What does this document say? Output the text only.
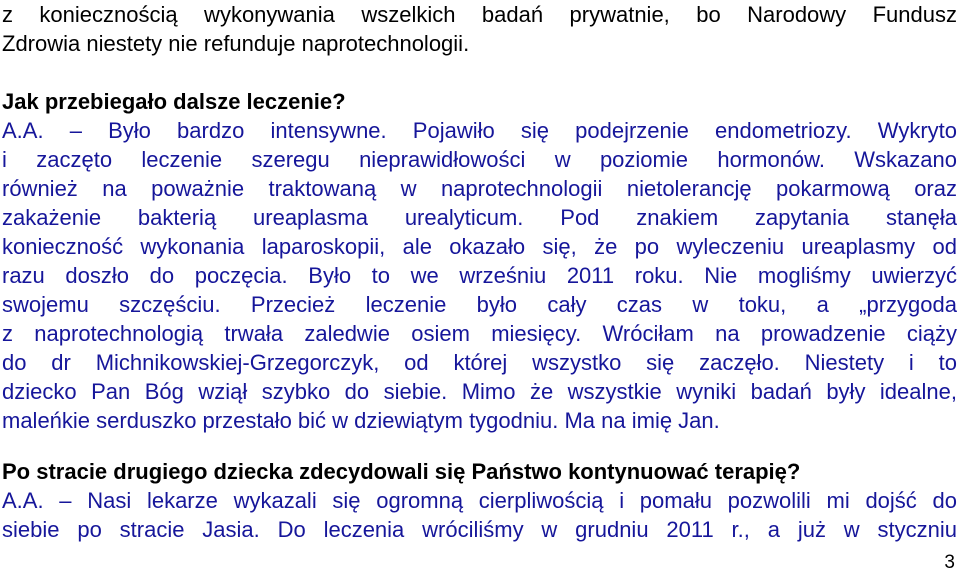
z koniecznością wykonywania wszelkich badań prywatnie, bo Narodowy Fundusz
Zdrowia niestety nie refunduje naprotechnologii.
Jak przebiegało dalsze leczenie?
A.A. – Było bardzo intensywne. Pojawiło się podejrzenie endometriozy. Wykryto
i zaczęto leczenie szeregu nieprawidłowości w poziomie hormonów. Wskazano
również na poważnie traktowaną w naprotechnologii nietolerancję pokarmową oraz
zakażenie bakterią ureaplasma urealyticum. Pod znakiem zapytania stanęła
konieczność wykonania laparoskopii, ale okazało się, że po wyleczeniu ureaplasmy od
razu doszło do poczęcia. Było to we wrześniu 2011 roku. Nie mogliśmy uwierzyć
swojemu szczęściu. Przecież leczenie było cały czas w toku, a „przygoda
z naprotechnologią trwała zaledwie osiem miesięcy. Wróciłam na prowadzenie ciąży
do dr Michnikowskiej-Grzegorczyk, od której wszystko się zaczęło. Niestety i to
dziecko Pan Bóg wziął szybko do siebie. Mimo że wszystkie wyniki badań były idealne,
maleńkie serduszko przestało bić w dziewiątym tygodniu. Ma na imię Jan.
Po stracie drugiego dziecka zdecydowali się Państwo kontynuować terapię?
A.A. – Nasi lekarze wykazali się ogromną cierpliwością i pomału pozwolili mi dojść do
siebie po stracie Jasia. Do leczenia wróciliśmy w grudniu 2011 r., a już w styczniu
3
